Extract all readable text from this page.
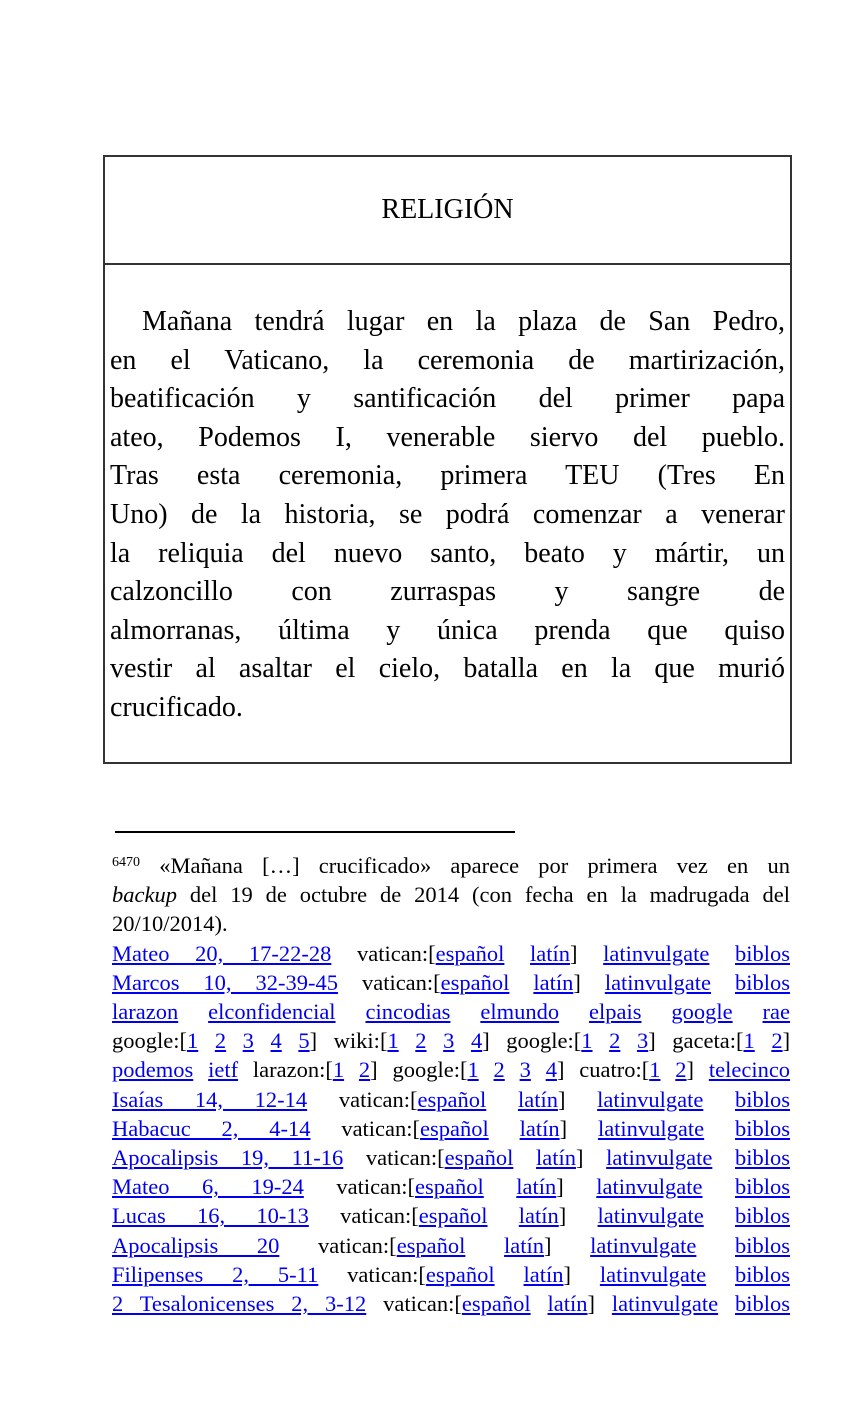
RELIGIÓN
Mañana tendrá lugar en la plaza de San Pedro,
en el Vaticano, la ceremonia de martirización,
beatificación y santificación del primer papa
ateo, Podemos I, venerable siervo del pueblo.
Tras esta ceremonia, primera TEU (Tres En
Uno) de la historia, se podrá comenzar a venerar
la reliquia del nuevo santo, beato y mártir, un
calzoncillo con zurraspas y sangre de
almorranas, última y única prenda que quiso
vestir al asaltar el cielo, batalla en la que murió
crucificado.
$^{6470}$ «Mañana […] crucificado» aparece por primera vez en un
backup del 19 de octubre de 2014 (con fecha en la madrugada del
20/10/2014).
Mateo 20, 17-22-28 vatican:[español latín] latinvulgate biblos
Marcos 10, 32-39-45 vatican:[español latín] latinvulgate biblos
larazon elconfidencial cincodias elmundo elpais google rae
google:[1 2 3 4 5] wiki:[1 2 3 4] google:[1 2 3] gaceta:[1 2]
podemos ietf larazon:[1 2] google:[1 2 3 4] cuatro:[1 2] telecinco
Isaías 14, 12-14 vatican:[español latín] latinvulgate biblos
Habacuc 2, 4-14 vatican:[español latín] latinvulgate biblos
Apocalipsis 19, 11-16 vatican:[español latín] latinvulgate biblos
Mateo 6, 19-24 vatican:[español latín] latinvulgate biblos
Lucas 16, 10-13 vatican:[español latín] latinvulgate biblos
Apocalipsis 20 vatican:[español latín] latinvulgate biblos
Filipenses 2, 5-11 vatican:[español latín] latinvulgate biblos
2 Tesalonicenses 2, 3-12 vatican:[español latín] latinvulgate biblos
